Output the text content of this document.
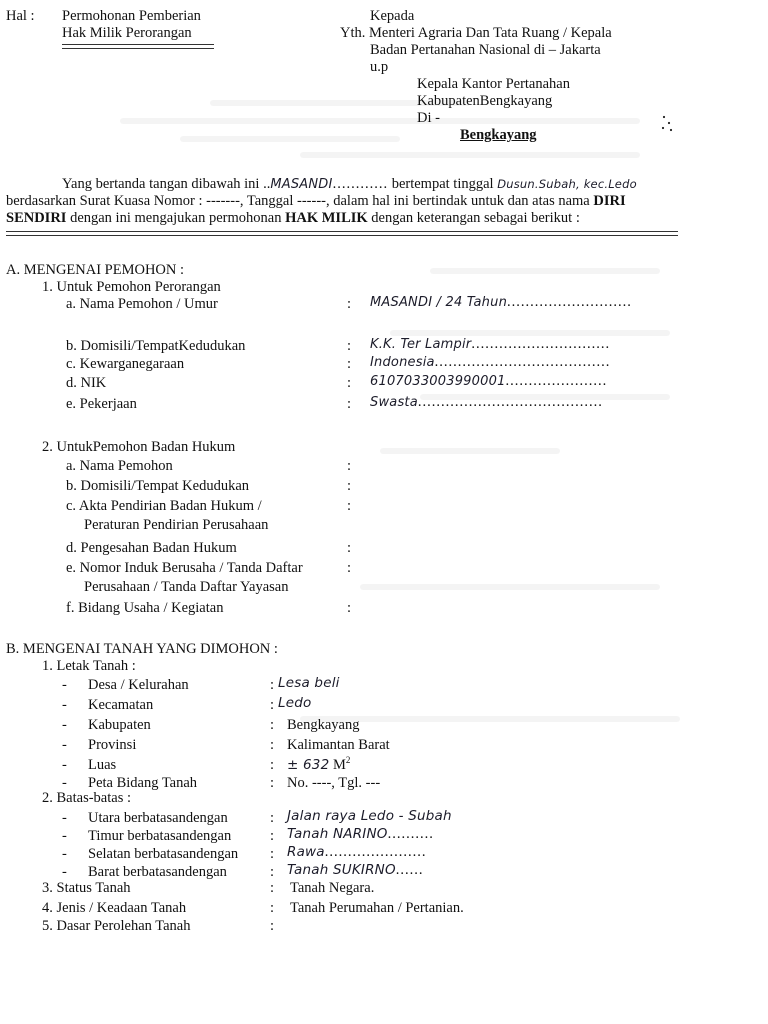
Hal : Permohonan Pemberian
Hak Milik Perorangan
Kepada
Yth. Menteri Agraria Dan Tata Ruang / Kepala
Badan Pertanahan Nasional di – Jakarta
u.p
Kepala Kantor Pertanahan
KabupatenBengkayang
Di -
Bengkayang
Yang bertanda tangan dibawah ini ..MASANDI............ bertempat tinggal Dusun.Subah, kec.Ledo
berdasarkan Surat Kuasa Nomor : -------, Tanggal ------, dalam hal ini bertindak untuk dan atas nama DIRI
SENDIRI dengan ini mengajukan permohonan HAK MILIK dengan keterangan sebagai berikut :
A. MENGENAI PEMOHON :
1. Untuk Pemohon Perorangan
a. Nama Pemohon / Umur	: MASANDI / 24 Tahun...........................
b. Domisili/TempatKedudukan	: K.K. Ter Lampir..............................
c. Kewarganegaraan	: Indonesia......................................
d. NIK	: 6107033003990001......................
e. Pekerjaan	: Swasta........................................
2. UntukPemohon Badan Hukum
a. Nama Pemohon	:
b. Domisili/Tempat Kedudukan	:
c. Akta Pendirian Badan Hukum /	:
Peraturan Pendirian Perusahaan
d. Pengesahan Badan Hukum	:
e. Nomor Induk Berusaha / Tanda Daftar	:
Perusahaan / Tanda Daftar Yayasan
f. Bidang Usaha / Kegiatan	:
B. MENGENAI TANAH YANG DIMOHON :
1. Letak Tanah :
- Desa / Kelurahan	: Lesa beli
- Kecamatan	: Ledo
- Kabupaten	: Bengkayang
- Provinsi	: Kalimantan Barat
- Luas	: ± 632 $M^2$
- Peta Bidang Tanah	: No. ----, Tgl. ---
2. Batas-batas :
- Utara berbatasandengan	: Jalan raya Ledo - Subah
- Timur berbatasandengan	: Tanah NARINO..........
- Selatan berbatasandengan : Rawa......................
- Barat berbatasandengan	: Tanah SUKIRNO......
3. Status Tanah	: Tanah Negara.
4. Jenis / Keadaan Tanah	: Tanah Perumahan / Pertanian.
5. Dasar Perolehan Tanah	:
